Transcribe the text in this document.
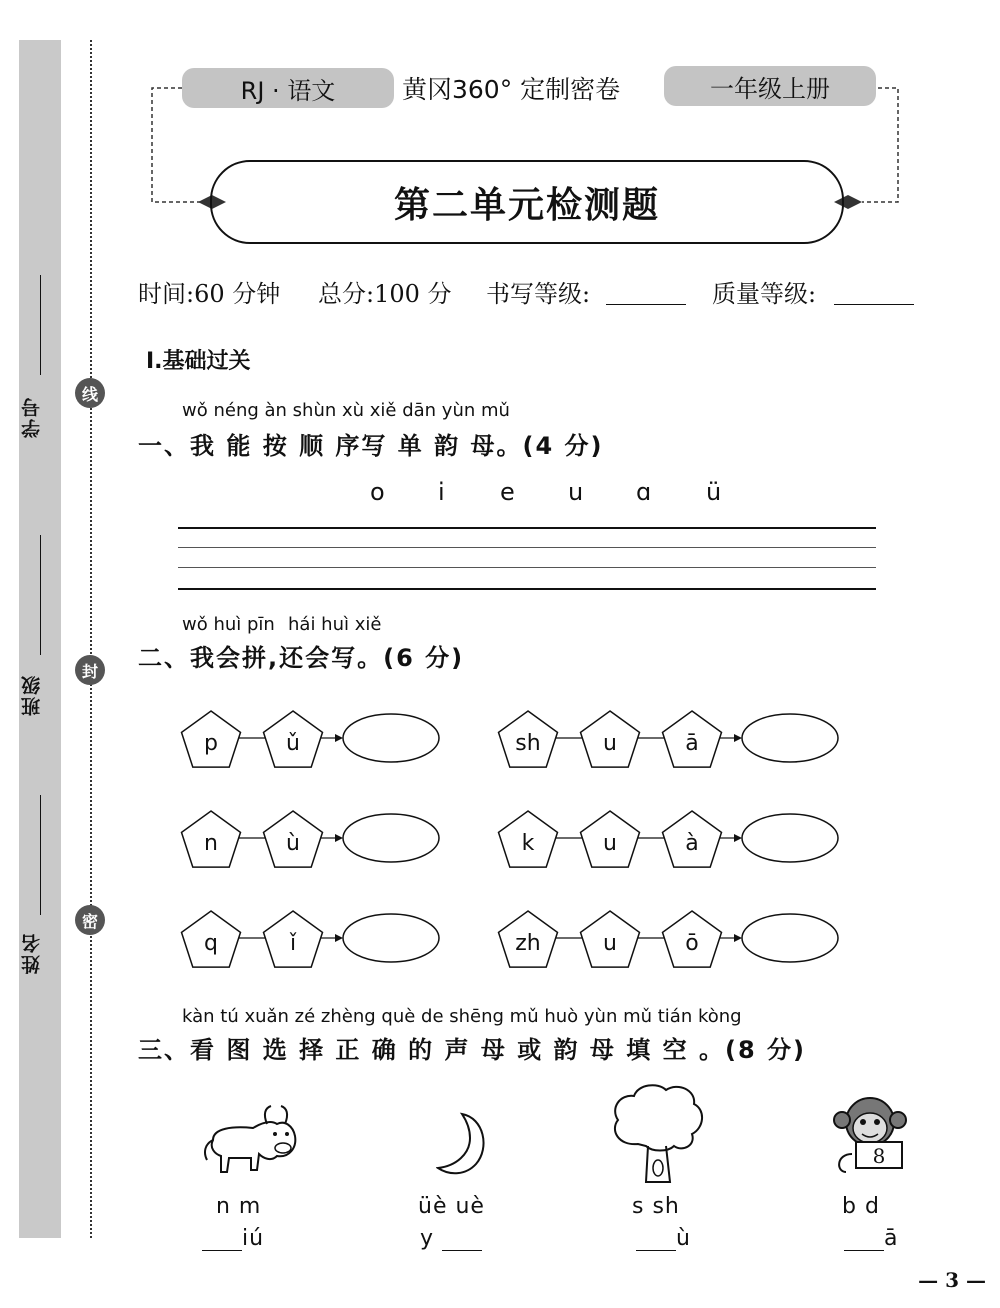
学号
班级
姓名
线
封
密
RJ · 语文	黄冈360° 定制密卷	一年级上册
第二单元检测题
时间:60 分钟 总分:100 分 书写等级:	质量等级:
Ⅰ.基础过关
wǒ néng àn shùn xù xiě dān yùn mǔ
一、我 能 按 顺 序写 单 韵 母。(4 分)
o i e u ɑ ü
wǒ huì pīn hái huì xiě
二、我会拼,还会写。(6 分)
p	ǔ	sh	u	ā
n	ù	k	u	à
q	ǐ	zh	u	ō
kàn tú xuǎn zé zhèng què de shēng mǔ huò yùn mǔ tián kòng
三、看 图 选 择 正 确 的 声 母 或 韵 母 填 空 。(8 分)
8
n m	üè uè	s sh	b d
iú	y	ù	ā
— 3 —
